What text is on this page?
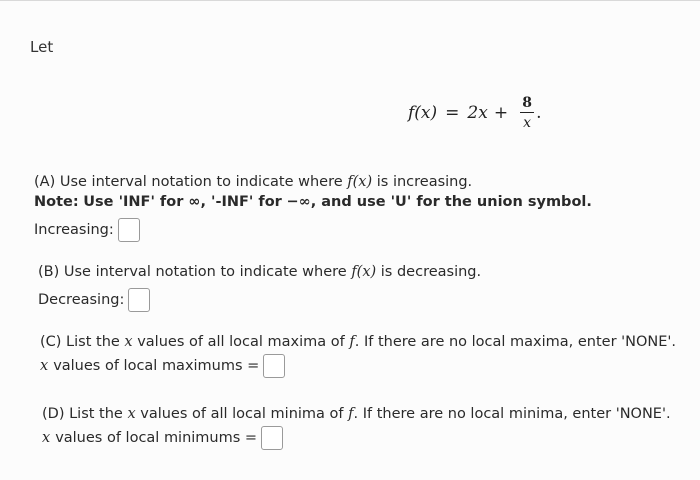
Let
$f(x) = 2x + \frac{8}{x}$ .
(A) Use interval notation to indicate where f(x) is increasing.
Note: Use 'INF' for ∞, '-INF' for −∞, and use 'U' for the union symbol.
Increasing:
(B) Use interval notation to indicate where f(x) is decreasing.
Decreasing:
(C) List the x values of all local maxima of f. If there are no local maxima, enter 'NONE'.
x values of local maximums =
(D) List the x values of all local minima of f. If there are no local minima, enter 'NONE'.
x values of local minimums =
